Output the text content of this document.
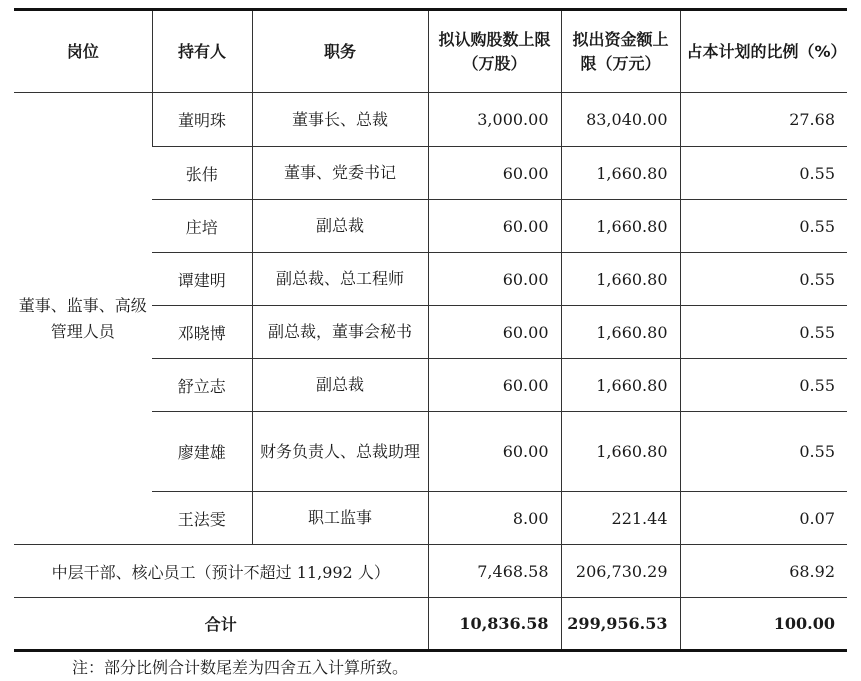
岗位	持有人	职务	拟认购股数上限（万股）	拟出资金额上限（万元）	占本计划的比例（%）
董事、监事、高级管理人员	董明珠	董事长、总裁	3,000.00	83,040.00	27.68
	张伟	董事、党委书记	60.00	1,660.80	0.55
	庄培	副总裁	60.00	1,660.80	0.55
	谭建明	副总裁、总工程师	60.00	1,660.80	0.55
	邓晓博	副总裁，董事会秘书	60.00	1,660.80	0.55
	舒立志	副总裁	60.00	1,660.80	0.55
	廖建雄	财务负责人、总裁助理	60.00	1,660.80	0.55
	王法雯	职工监事	8.00	221.44	0.07
中层干部、核心员工（预计不超过 11,992 人）			7,468.58	206,730.29	68.92
合计			10,836.58	299,956.53	100.00
注：部分比例合计数尾差为四舍五入计算所致。
